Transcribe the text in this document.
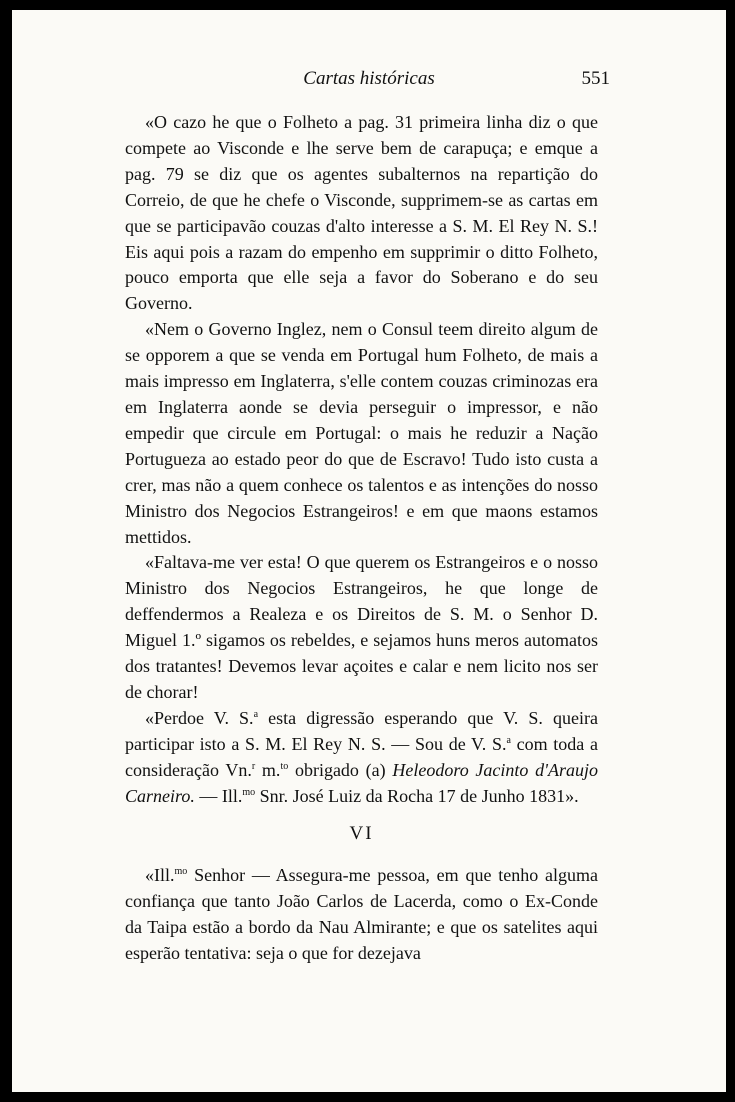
Cartas históricas	551

«O cazo he que o Folheto a pag. 31 primeira linha diz o que compete ao Visconde e lhe serve bem de carapuça; e emque a pag. 79 se diz que os agentes subalternos na repartição do Correio, de que he chefe o Visconde, supprimem-se as cartas em que se participavão couzas d'alto interesse a S. M. El Rey N. S.! Eis aqui pois a razam do empenho em supprimir o ditto Folheto, pouco emporta que elle seja a favor do Soberano e do seu Governo.

«Nem o Governo Inglez, nem o Consul teem direito algum de se opporem a que se venda em Portugal hum Folheto, de mais a mais impresso em Inglaterra, s'elle contem couzas criminozas era em Inglaterra aonde se devia perseguir o impressor, e não empedir que circule em Portugal: o mais he reduzir a Nação Portugueza ao estado peor do que de Escravo! Tudo isto custa a crer, mas não a quem conhece os talentos e as intenções do nosso Ministro dos Negocios Estrangeiros! e em que maons estamos mettidos.

«Faltava-me ver esta! O que querem os Estrangeiros e o nosso Ministro dos Negocios Estrangeiros, he que longe de deffendermos a Realeza e os Direitos de S. M. o Senhor D. Miguel 1.º sigamos os rebeldes, e sejamos huns meros automatos dos tratantes! Devemos levar açoites e calar e nem licito nos ser de chorar!

«Perdoe V. S.$^a$ esta digressão esperando que V. S. queira participar isto a S. M. El Rey N. S. — Sou de V. S.$^a$ com toda a consideração Vn.$^r$ m.$^{to}$ obrigado (a) Heleodoro Jacinto d'Araujo Carneiro. — Ill.$^{mo}$ Snr. José Luiz da Rocha 17 de Junho 1831».

VI

«Ill.$^{mo}$ Senhor — Assegura-me pessoa, em que tenho alguma confiança que tanto João Carlos de Lacerda, como o Ex-Conde da Taipa estão a bordo da Nau Almirante; e que os satelites aqui esperão tentativa: seja o que for dezejava
